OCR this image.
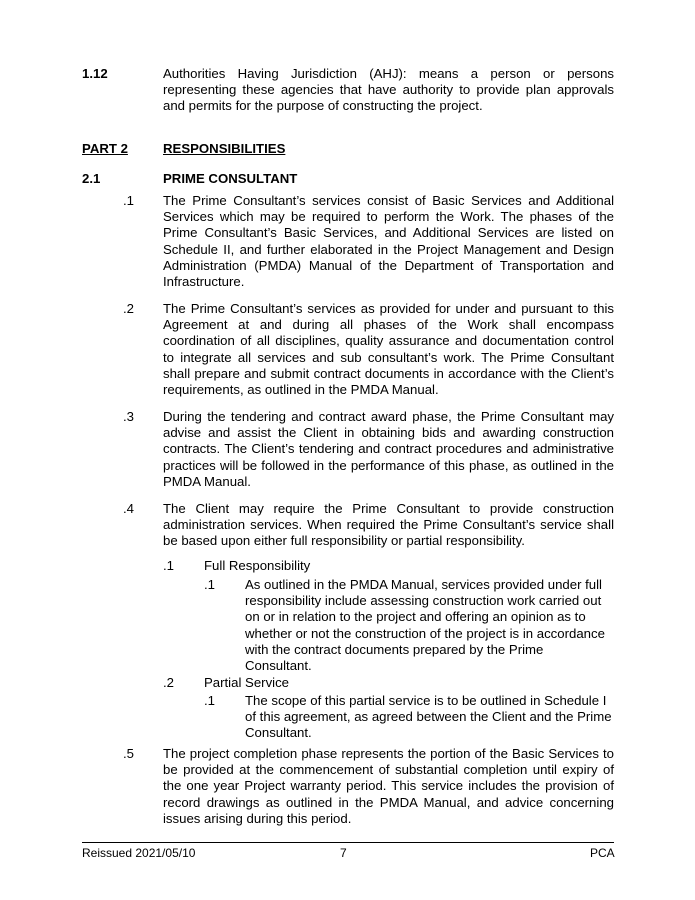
1.12	Authorities Having Jurisdiction (AHJ): means a person or persons representing these agencies that have authority to provide plan approvals and permits for the purpose of constructing the project.
PART 2	RESPONSIBILITIES
2.1	PRIME CONSULTANT
.1 The Prime Consultant’s services consist of Basic Services and Additional Services which may be required to perform the Work. The phases of the Prime Consultant’s Basic Services, and Additional Services are listed on Schedule II, and further elaborated in the Project Management and Design Administration (PMDA) Manual of the Department of Transportation and Infrastructure.
.2 The Prime Consultant’s services as provided for under and pursuant to this Agreement at and during all phases of the Work shall encompass coordination of all disciplines, quality assurance and documentation control to integrate all services and sub consultant’s work. The Prime Consultant shall prepare and submit contract documents in accordance with the Client’s requirements, as outlined in the PMDA Manual.
.3 During the tendering and contract award phase, the Prime Consultant may advise and assist the Client in obtaining bids and awarding construction contracts. The Client’s tendering and contract procedures and administrative practices will be followed in the performance of this phase, as outlined in the PMDA Manual.
.4 The Client may require the Prime Consultant to provide construction administration services. When required the Prime Consultant’s service shall be based upon either full responsibility or partial responsibility.
.1 Full Responsibility
.1 As outlined in the PMDA Manual, services provided under full responsibility include assessing construction work carried out on or in relation to the project and offering an opinion as to whether or not the construction of the project is in accordance with the contract documents prepared by the Prime Consultant.
.2 Partial Service
.1 The scope of this partial service is to be outlined in Schedule I of this agreement, as agreed between the Client and the Prime Consultant.
.5 The project completion phase represents the portion of the Basic Services to be provided at the commencement of substantial completion until expiry of the one year Project warranty period. This service includes the provision of record drawings as outlined in the PMDA Manual, and advice concerning issues arising during this period.
Reissued 2021/05/10	7	PCA
